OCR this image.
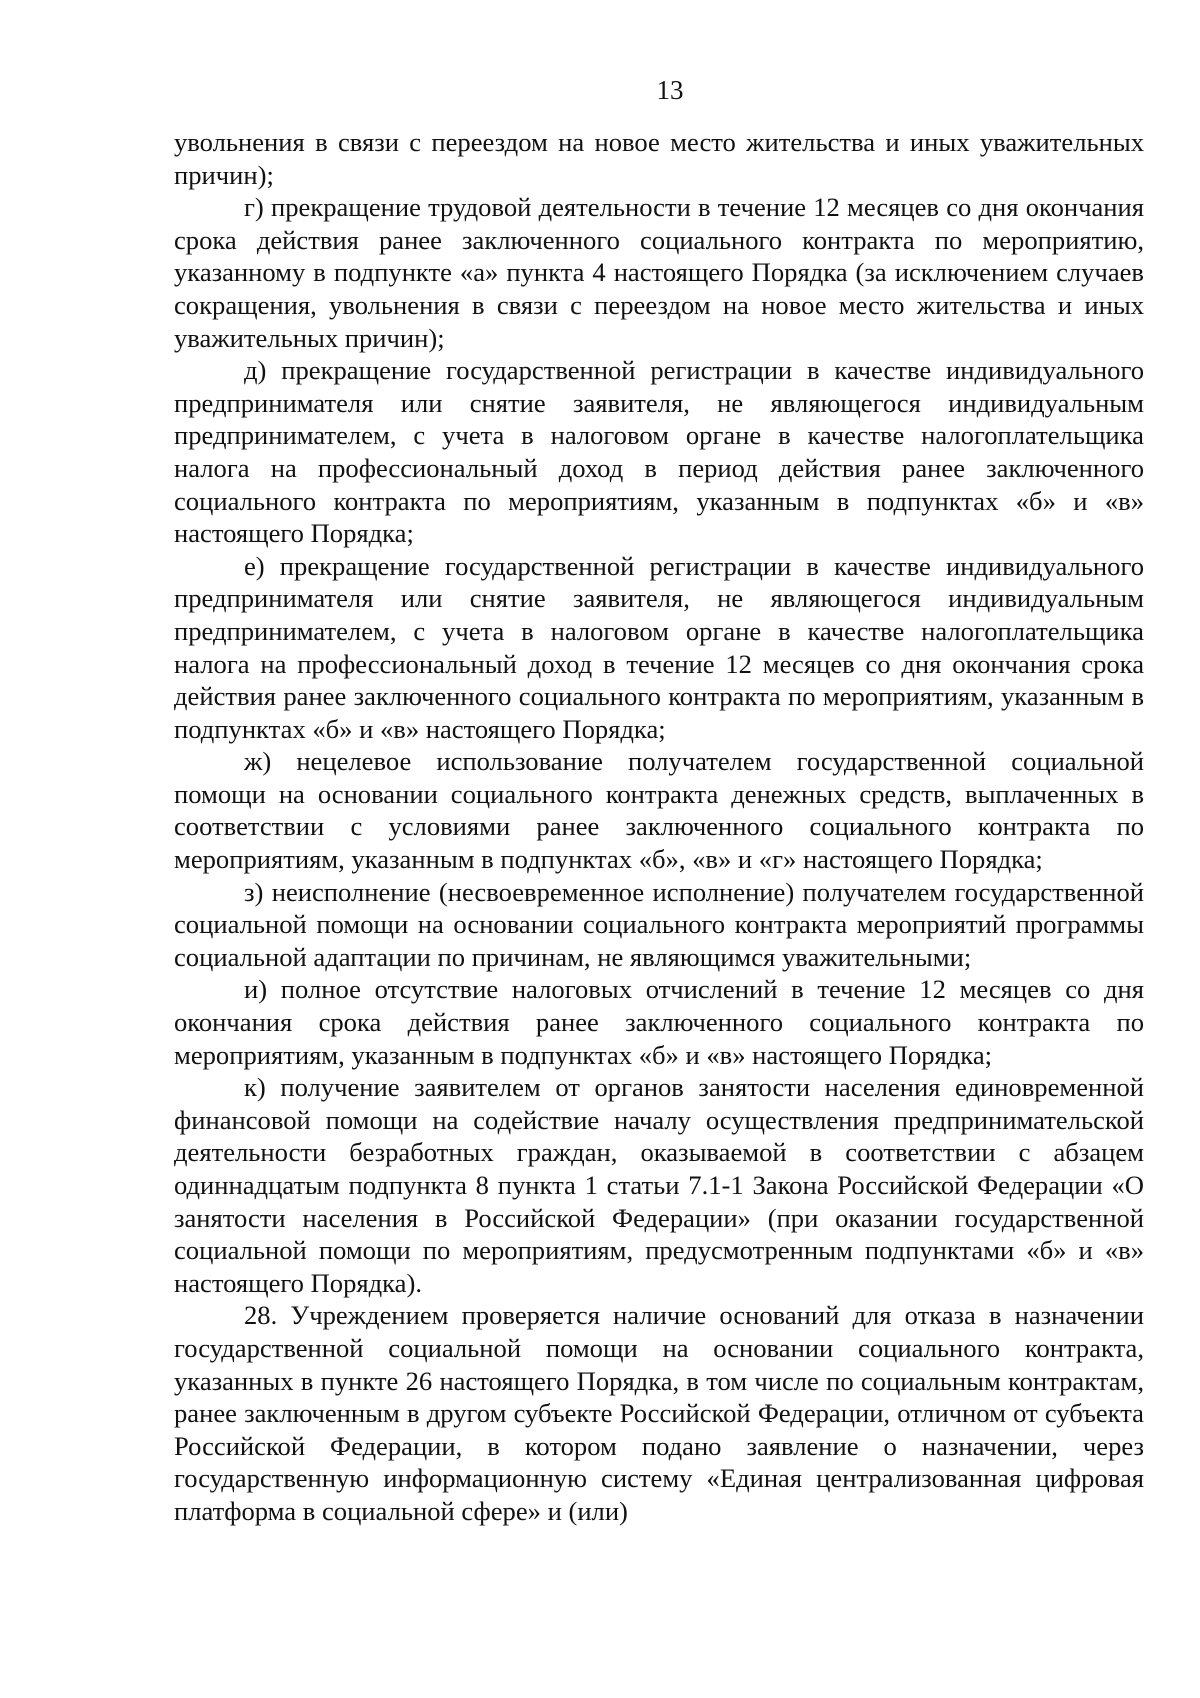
13

увольнения в связи с переездом на новое место жительства и иных уважительных причин);

г) прекращение трудовой деятельности в течение 12 месяцев со дня окончания срока действия ранее заключенного социального контракта по мероприятию, указанному в подпункте «а» пункта 4 настоящего Порядка (за исключением случаев сокращения, увольнения в связи с переездом на новое место жительства и иных уважительных причин);

д) прекращение государственной регистрации в качестве индивидуального предпринимателя или снятие заявителя, не являющегося индивидуальным предпринимателем, с учета в налоговом органе в качестве налогоплательщика налога на профессиональный доход в период действия ранее заключенного социального контракта по мероприятиям, указанным в подпунктах «б» и «в» настоящего Порядка;

е) прекращение государственной регистрации в качестве индивидуального предпринимателя или снятие заявителя, не являющегося индивидуальным предпринимателем, с учета в налоговом органе в качестве налогоплательщика налога на профессиональный доход в течение 12 месяцев со дня окончания срока действия ранее заключенного социального контракта по мероприятиям, указанным в подпунктах «б» и «в» настоящего Порядка;

ж) нецелевое использование получателем государственной социальной помощи на основании социального контракта денежных средств, выплаченных в соответствии с условиями ранее заключенного социального контракта по мероприятиям, указанным в подпунктах «б», «в» и «г» настоящего Порядка;

з) неисполнение (несвоевременное исполнение) получателем государственной социальной помощи на основании социального контракта мероприятий программы социальной адаптации по причинам, не являющимся уважительными;

и) полное отсутствие налоговых отчислений в течение 12 месяцев со дня окончания срока действия ранее заключенного социального контракта по мероприятиям, указанным в подпунктах «б» и «в» настоящего Порядка;

к) получение заявителем от органов занятости населения единовременной финансовой помощи на содействие началу осуществления предпринимательской деятельности безработных граждан, оказываемой в соответствии с абзацем одиннадцатым подпункта 8 пункта 1 статьи 7.1-1 Закона Российской Федерации «О занятости населения в Российской Федерации» (при оказании государственной социальной помощи по мероприятиям, предусмотренным подпунктами «б» и «в» настоящего Порядка).

28. Учреждением проверяется наличие оснований для отказа в назначении государственной социальной помощи на основании социального контракта, указанных в пункте 26 настоящего Порядка, в том числе по социальным контрактам, ранее заключенным в другом субъекте Российской Федерации, отличном от субъекта Российской Федерации, в котором подано заявление о назначении, через государственную информационную систему «Единая централизованная цифровая платформа в социальной сфере» и (или)
